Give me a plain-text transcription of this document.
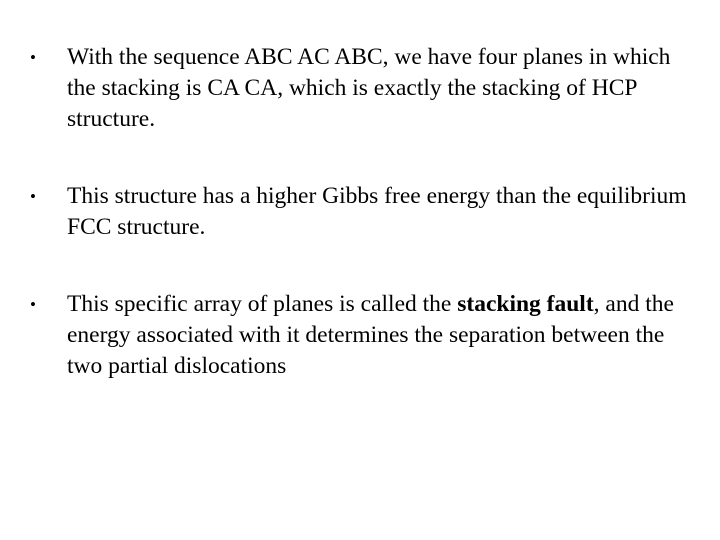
• With the sequence ABC AC ABC, we have four planes in which the stacking is CA CA, which is exactly the stacking of HCP structure.
• This structure has a higher Gibbs free energy than the equilibrium FCC structure.
• This specific array of planes is called the stacking fault, and the energy associated with it determines the separation between the two partial dislocations
